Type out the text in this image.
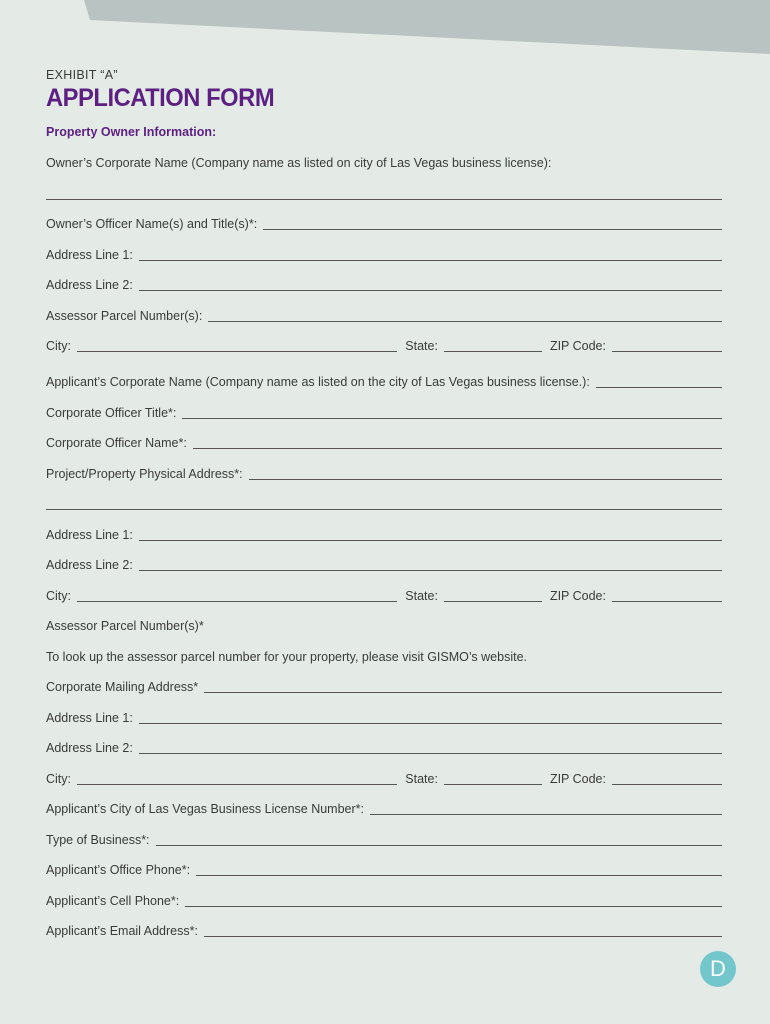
EXHIBIT “A”
APPLICATION FORM
Property Owner Information:
Owner’s Corporate Name (Company name as listed on city of Las Vegas business license):
Owner’s Officer Name(s) and Title(s)*:
Address Line 1:
Address Line 2:
Assessor Parcel Number(s):
City:	State:	ZIP Code:
Applicant’s Corporate Name (Company name as listed on the city of Las Vegas business license.):
Corporate Officer Title*:
Corporate Officer Name*:
Project/Property Physical Address*:
Address Line 1:
Address Line 2:
City:	State:	ZIP Code:
Assessor Parcel Number(s)*
To look up the assessor parcel number for your property, please visit GISMO’s website.
Corporate Mailing Address*
Address Line 1:
Address Line 2:
City:	State:	ZIP Code:
Applicant’s City of Las Vegas Business License Number*:
Type of Business*:
Applicant’s Office Phone*:
Applicant’s Cell Phone*:
Applicant’s Email Address*:
D
